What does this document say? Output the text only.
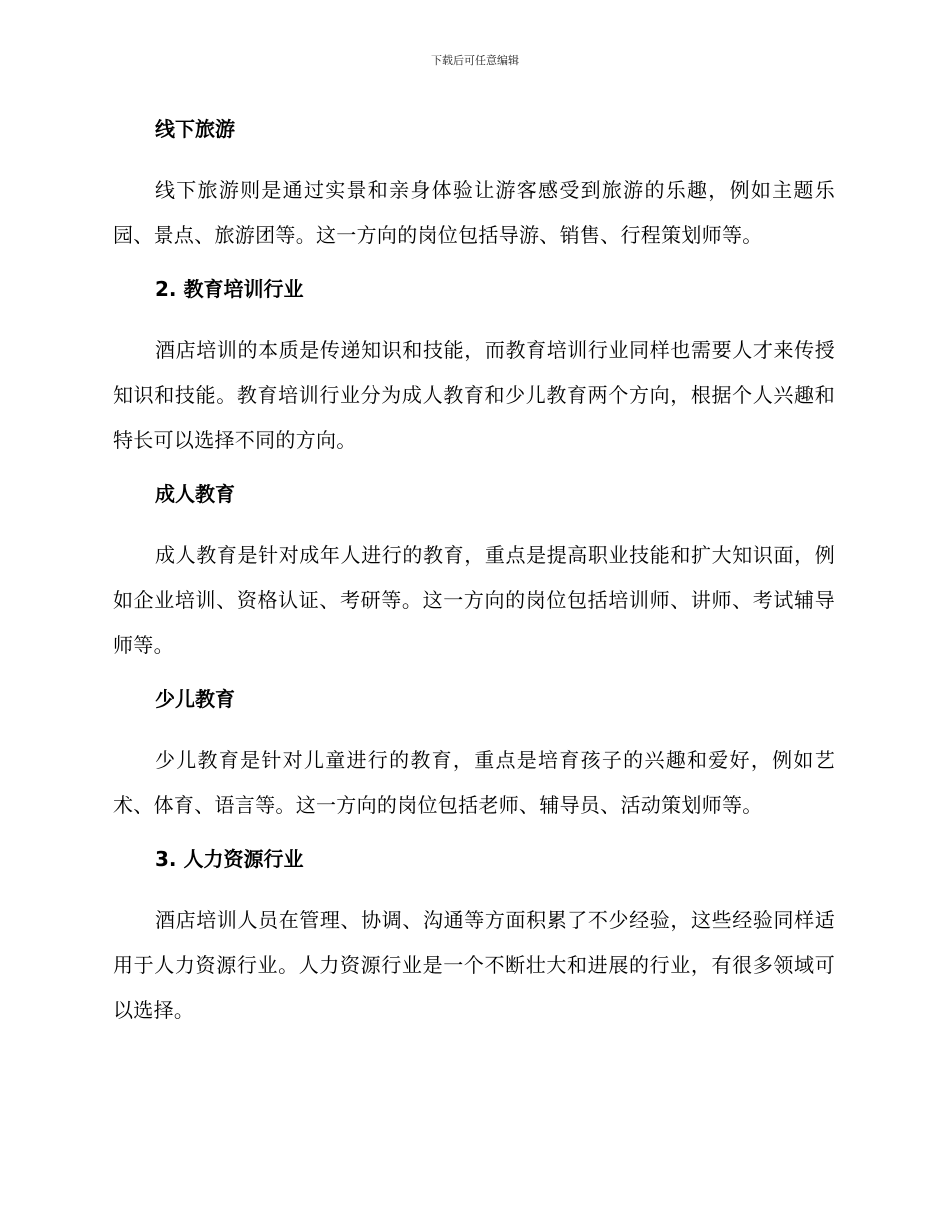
下载后可任意编辑
线下旅游
线下旅游则是通过实景和亲身体验让游客感受到旅游的乐趣，例如主题乐园、景点、旅游团等。这一方向的岗位包括导游、销售、行程策划师等。
2. 教育培训行业
酒店培训的本质是传递知识和技能，而教育培训行业同样也需要人才来传授知识和技能。教育培训行业分为成人教育和少儿教育两个方向，根据个人兴趣和特长可以选择不同的方向。
成人教育
成人教育是针对成年人进行的教育，重点是提高职业技能和扩大知识面，例如企业培训、资格认证、考研等。这一方向的岗位包括培训师、讲师、考试辅导师等。
少儿教育
少儿教育是针对儿童进行的教育，重点是培育孩子的兴趣和爱好，例如艺术、体育、语言等。这一方向的岗位包括老师、辅导员、活动策划师等。
3. 人力资源行业
酒店培训人员在管理、协调、沟通等方面积累了不少经验，这些经验同样适用于人力资源行业。人力资源行业是一个不断壮大和进展的行业，有很多领域可以选择。
